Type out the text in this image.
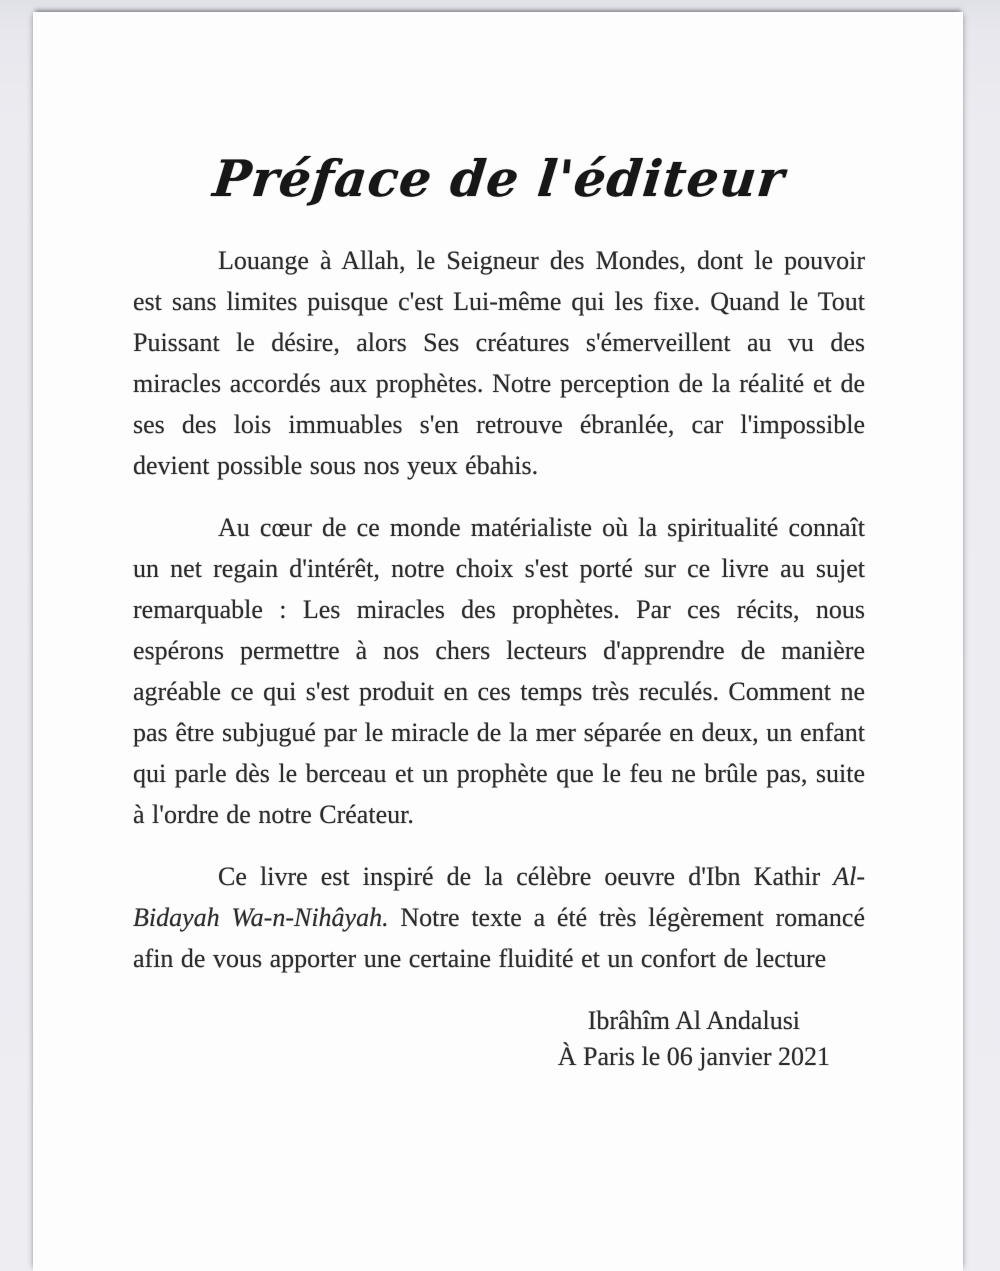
Préface de l'éditeur

Louange à Allah, le Seigneur des Mondes, dont le pouvoir est sans limites puisque c'est Lui-même qui les fixe. Quand le Tout Puissant le désire, alors Ses créatures s'émerveillent au vu des miracles accordés aux prophètes. Notre perception de la réalité et de ses des lois immuables s'en retrouve ébranlée, car l'impossible devient possible sous nos yeux ébahis.

Au cœur de ce monde matérialiste où la spiritualité connaît un net regain d'intérêt, notre choix s'est porté sur ce livre au sujet remarquable : Les miracles des prophètes. Par ces récits, nous espérons permettre à nos chers lecteurs d'apprendre de manière agréable ce qui s'est produit en ces temps très reculés. Comment ne pas être subjugué par le miracle de la mer séparée en deux, un enfant qui parle dès le berceau et un prophète que le feu ne brûle pas, suite à l'ordre de notre Créateur.

Ce livre est inspiré de la célèbre oeuvre d'Ibn Kathir Al-Bidayah Wa-n-Nihâyah. Notre texte a été très légèrement romancé afin de vous apporter une certaine fluidité et un confort de lecture

Ibrâhîm Al Andalusi
À Paris le 06 janvier 2021
